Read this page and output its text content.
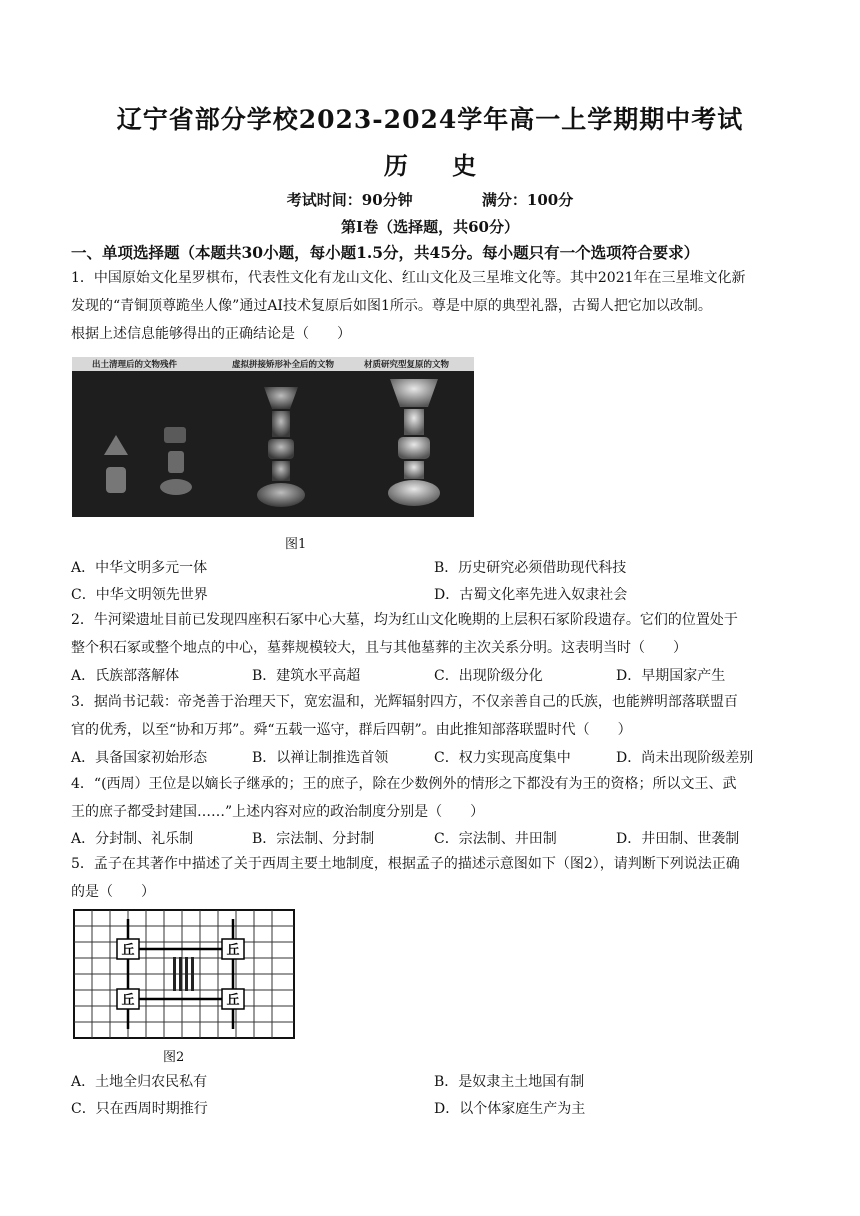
辽宁省部分学校2023-2024学年高一上学期期中考试
历 史
考试时间：90分钟	满分：100分
第Ⅰ卷（选择题，共60分）
一、单项选择题（本题共30小题，每小题1.5分，共45分。每小题只有一个选项符合要求）
1．中国原始文化星罗棋布，代表性文化有龙山文化、红山文化及三星堆文化等。其中2021年在三星堆文化新
发现的“青铜顶尊跪坐人像”通过AI技术复原后如图1所示。尊是中原的典型礼器，古蜀人把它加以改制。
根据上述信息能够得出的正确结论是（　　）
出土清理后的文物残件	虚拟拼接矫形补全后的文物	材质研究型复原的文物
图1
A．中华文明多元一体	B．历史研究必须借助现代科技
C．中华文明领先世界	D．古蜀文化率先进入奴隶社会
2．牛河梁遗址目前已发现四座积石冢中心大墓，均为红山文化晚期的上层积石冢阶段遗存。它们的位置处于
整个积石冢或整个地点的中心，墓葬规模较大，且与其他墓葬的主次关系分明。这表明当时（　　）
A．氏族部落解体	B．建筑水平高超	C．出现阶级分化	D．早期国家产生
3．据尚书记载：帝尧善于治理天下，宽宏温和，光辉辐射四方，不仅亲善自己的氏族，也能辨明部落联盟百
官的优秀，以至“协和万邦”。舜“五载一巡守，群后四朝”。由此推知部落联盟时代（　　）
A．具备国家初始形态	B．以禅让制推选首领	C．权力实现高度集中	D．尚未出现阶级差别
4．“(西周）王位是以嫡长子继承的；王的庶子，除在少数例外的情形之下都没有为王的资格；所以文王、武
王的庶子都受封建国……”上述内容对应的政治制度分别是（　　）
A．分封制、礼乐制	B．宗法制、分封制	C．宗法制、井田制	D．井田制、世袭制
5．孟子在其著作中描述了关于西周主要土地制度，根据孟子的描述示意图如下（图2），请判断下列说法正确
的是（　　）
丘	丘
丘	丘
图2
A．土地全归农民私有	B．是奴隶主土地国有制
C．只在西周时期推行	D．以个体家庭生产为主
